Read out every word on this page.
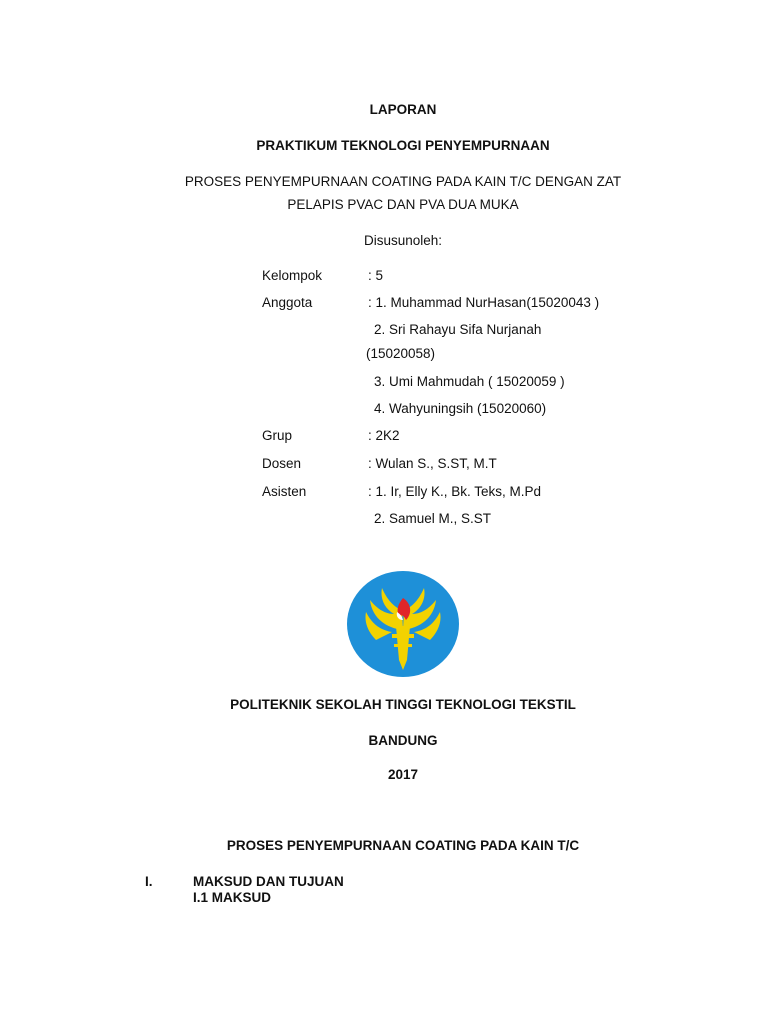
LAPORAN
PRAKTIKUM TEKNOLOGI PENYEMPURNAAN
PROSES PENYEMPURNAAN COATING PADA KAIN T/C DENGAN ZAT
PELAPIS PVAC DAN PVA DUA MUKA
Disusunoleh:
Kelompok	: 5
Anggota	: 1. Muhammad NurHasan(15020043 )
2. Sri Rahayu Sifa Nurjanah
(15020058)
3. Umi Mahmudah ( 15020059 )
4. Wahyuningsih (15020060)
Grup	: 2K2
Dosen	: Wulan S., S.ST, M.T
Asisten	: 1. Ir, Elly K., Bk. Teks, M.Pd
2. Samuel M., S.ST
POLITEKNIK SEKOLAH TINGGI TEKNOLOGI TEKSTIL
BANDUNG
2017
PROSES PENYEMPURNAAN COATING PADA KAIN T/C
I.	MAKSUD DAN TUJUAN
I.1 MAKSUD
